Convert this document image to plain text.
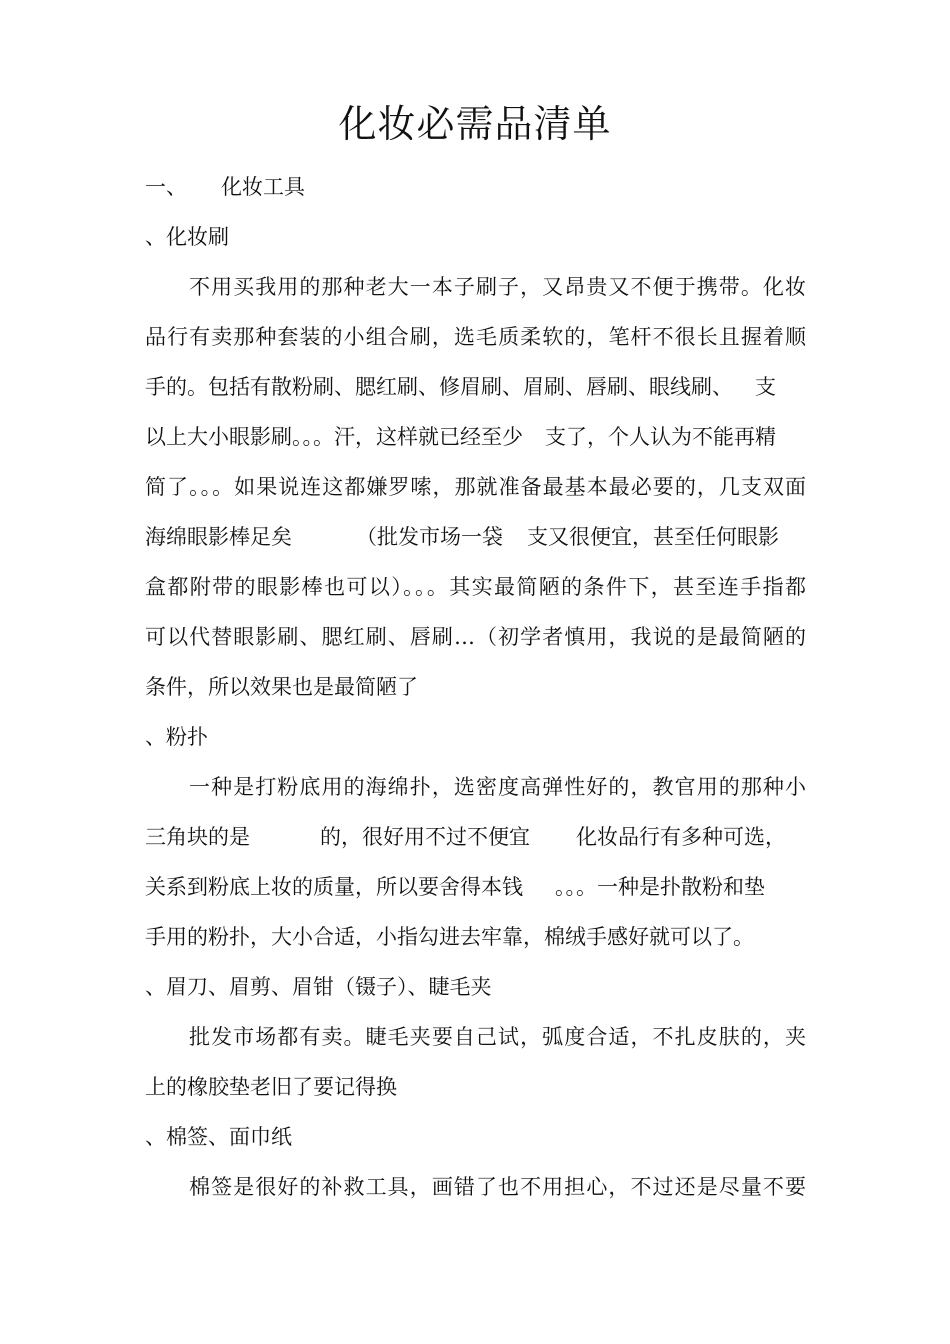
化妆必需品清单
一、 化妆工具
、化妆刷
不用买我用的那种老大一本子刷子，又昂贵又不便于携带。化妆
品行有卖那种套装的小组合刷，选毛质柔软的，笔杆不很长且握着顺
手的。包括有散粉刷、腮红刷、修眉刷、眉刷、唇刷、眼线刷、 支
以上大小眼影刷。。。汗，这样就已经至少 支了，个人认为不能再精
简了。。。如果说连这都嫌罗嗦，那就准备最基本最必要的，几支双面
海绵眼影棒足矣	（批发市场一袋 支又很便宜，甚至任何眼影
盒都附带的眼影棒也可以）。。。其实最简陋的条件下，甚至连手指都
可以代替眼影刷、腮红刷、唇刷…（初学者慎用，我说的是最简陋的
条件，所以效果也是最简陋了
、粉扑
一种是打粉底用的海绵扑，选密度高弹性好的，教官用的那种小
三角块的是	的，很好用不过不便宜 化妆品行有多种可选，
关系到粉底上妆的质量，所以要舍得本钱 。。。一种是扑散粉和垫
手用的粉扑，大小合适，小指勾进去牢靠，棉绒手感好就可以了。
、眉刀、眉剪、眉钳（镊子）、睫毛夹
批发市场都有卖。睫毛夹要自己试，弧度合适，不扎皮肤的，夹
上的橡胶垫老旧了要记得换
、棉签、面巾纸
棉签是很好的补救工具，画错了也不用担心，不过还是尽量不要
